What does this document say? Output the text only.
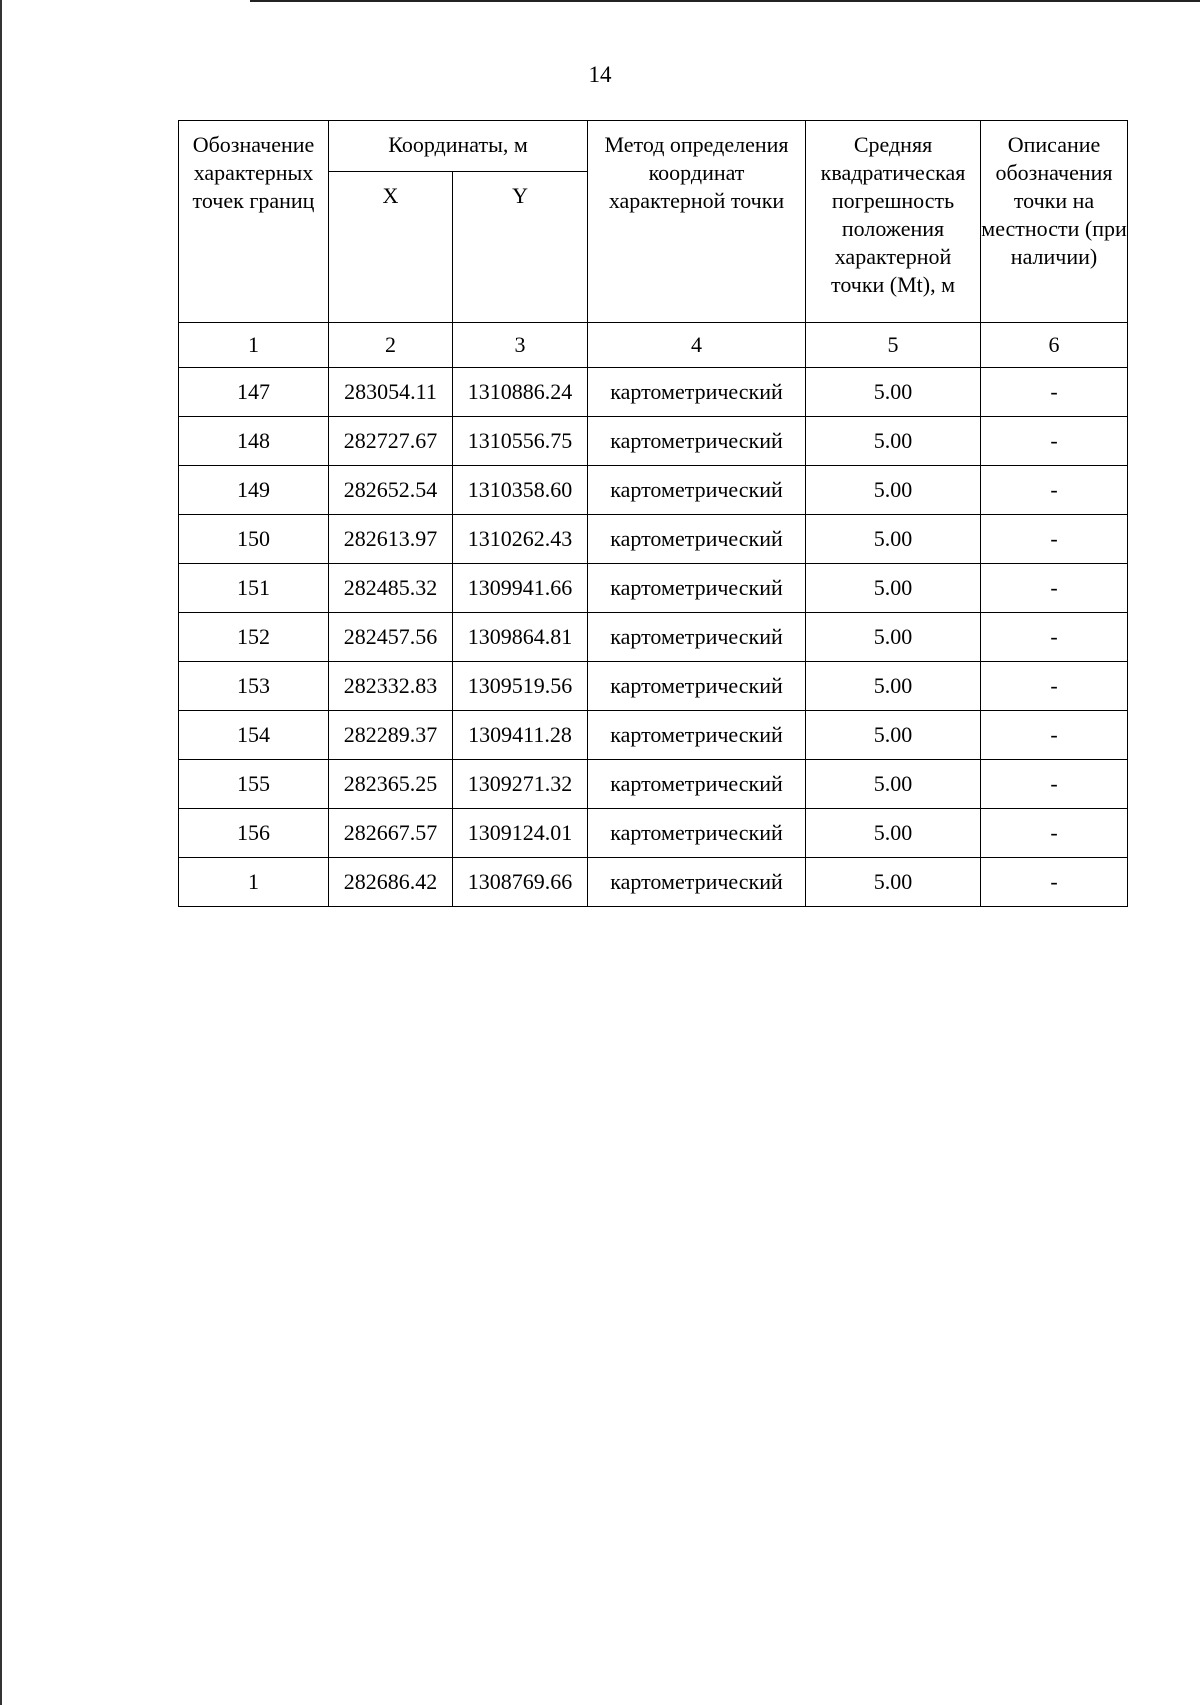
14
Обозначение характерных точек границ	Координаты, м		Метод определения координат характерной точки	Средняя квадратическая погрешность положения характерной точки (Mt), м	Описание обозначения точки на местности (при наличии)
	X	Y			
1	2	3	4	5	6
147	283054.11	1310886.24	картометрический	5.00	-
148	282727.67	1310556.75	картометрический	5.00	-
149	282652.54	1310358.60	картометрический	5.00	-
150	282613.97	1310262.43	картометрический	5.00	-
151	282485.32	1309941.66	картометрический	5.00	-
152	282457.56	1309864.81	картометрический	5.00	-
153	282332.83	1309519.56	картометрический	5.00	-
154	282289.37	1309411.28	картометрический	5.00	-
155	282365.25	1309271.32	картометрический	5.00	-
156	282667.57	1309124.01	картометрический	5.00	-
1	282686.42	1308769.66	картометрический	5.00	-
